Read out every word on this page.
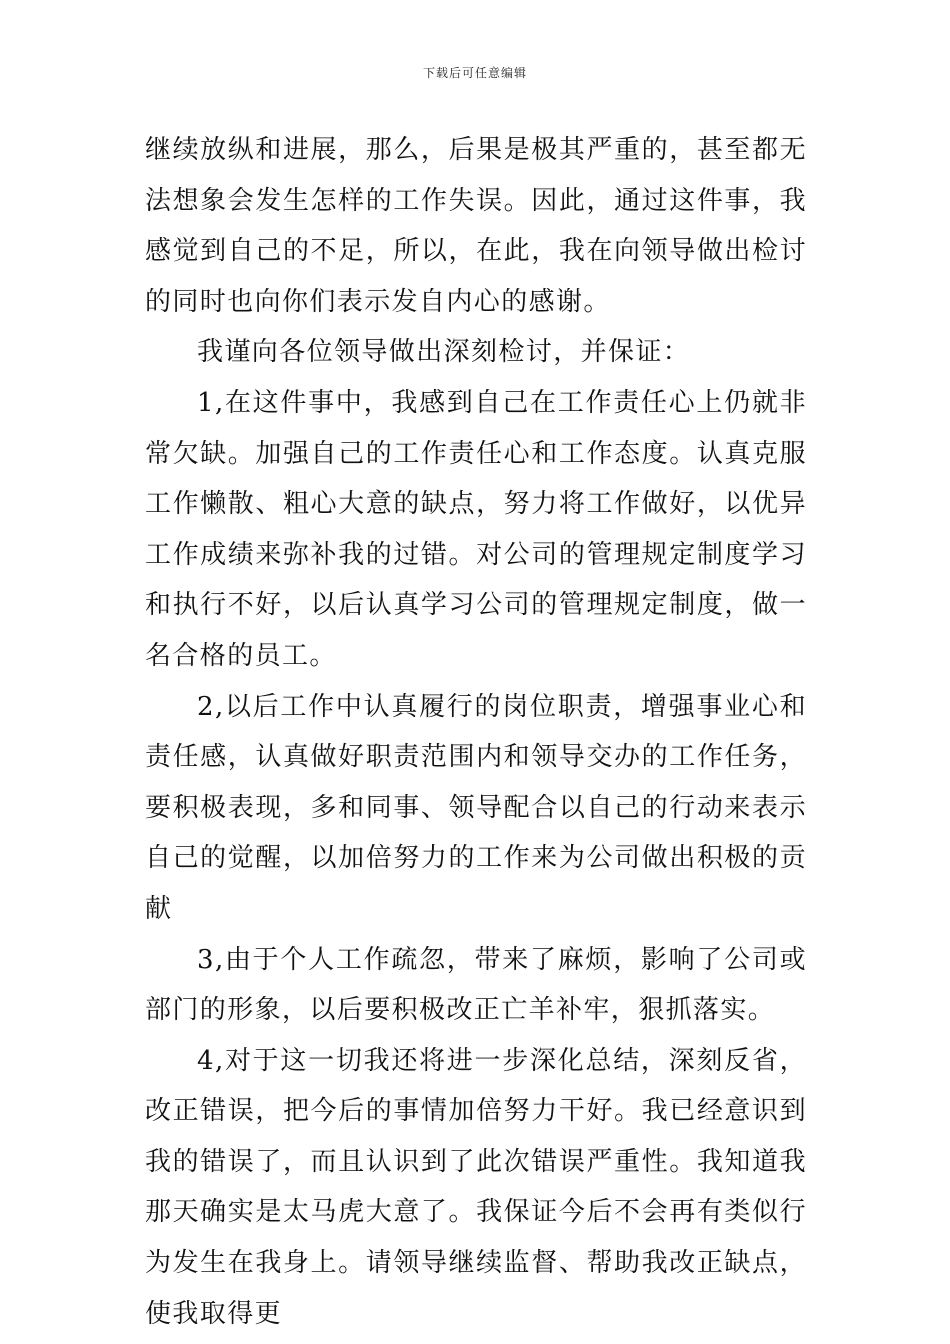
下载后可任意编辑

继续放纵和进展，那么，后果是极其严重的，甚至都无法想象会发生怎样的工作失误。因此，通过这件事，我感觉到自己的不足，所以，在此，我在向领导做出检讨的同时也向你们表示发自内心的感谢。

我谨向各位领导做出深刻检讨，并保证：

1,在这件事中，我感到自己在工作责任心上仍就非常欠缺。加强自己的工作责任心和工作态度。认真克服工作懒散、粗心大意的缺点，努力将工作做好，以优异工作成绩来弥补我的过错。对公司的管理规定制度学习和执行不好，以后认真学习公司的管理规定制度，做一名合格的员工。

2,以后工作中认真履行的岗位职责，增强事业心和责任感，认真做好职责范围内和领导交办的工作任务，要积极表现，多和同事、领导配合以自己的行动来表示自己的觉醒，以加倍努力的工作来为公司做出积极的贡献

3,由于个人工作疏忽，带来了麻烦，影响了公司或部门的形象，以后要积极改正亡羊补牢，狠抓落实。

4,对于这一切我还将进一步深化总结，深刻反省，改正错误，把今后的事情加倍努力干好。我已经意识到我的错误了，而且认识到了此次错误严重性。我知道我那天确实是太马虎大意了。我保证今后不会再有类似行为发生在我身上。请领导继续监督、帮助我改正缺点，使我取得更
